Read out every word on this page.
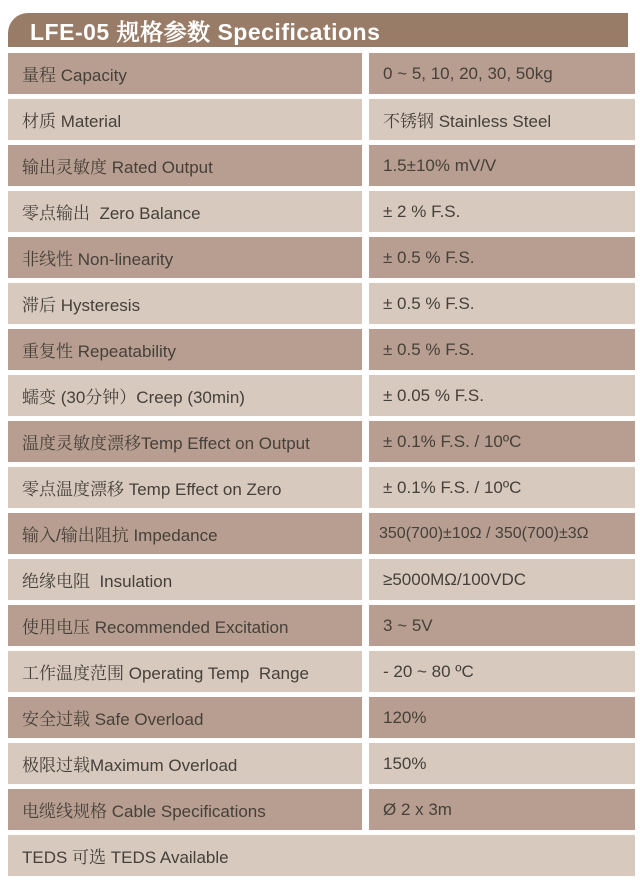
LFE-05 规格参数 Specifications
量程 Capacity	0 ~ 5, 10, 20, 30, 50kg
材质 Material	不锈钢 Stainless Steel
输出灵敏度 Rated Output	1.5±10% mV/V
零点输出  Zero Balance	± 2 % F.S.
非线性 Non-linearity	± 0.5 % F.S.
滞后 Hysteresis	± 0.5 % F.S.
重复性 Repeatability	± 0.5 % F.S.
蠕变 (30分钟）Creep (30min)	± 0.05 % F.S.
温度灵敏度漂移Temp Effect on Output	± 0.1% F.S. / 10ºC
零点温度漂移 Temp Effect on Zero	± 0.1% F.S. / 10ºC
输入/输出阻抗 Impedance	350(700)±10Ω / 350(700)±3Ω
绝缘电阻  Insulation	≥5000MΩ/100VDC
使用电压 Recommended Excitation	3 ~ 5V
工作温度范围 Operating Temp  Range	- 20 ~ 80 ºC
安全过载 Safe Overload	120%
极限过载Maximum Overload	150%
电缆线规格 Cable Specifications	Ø 2 x 3m
TEDS 可选 TEDS Available
